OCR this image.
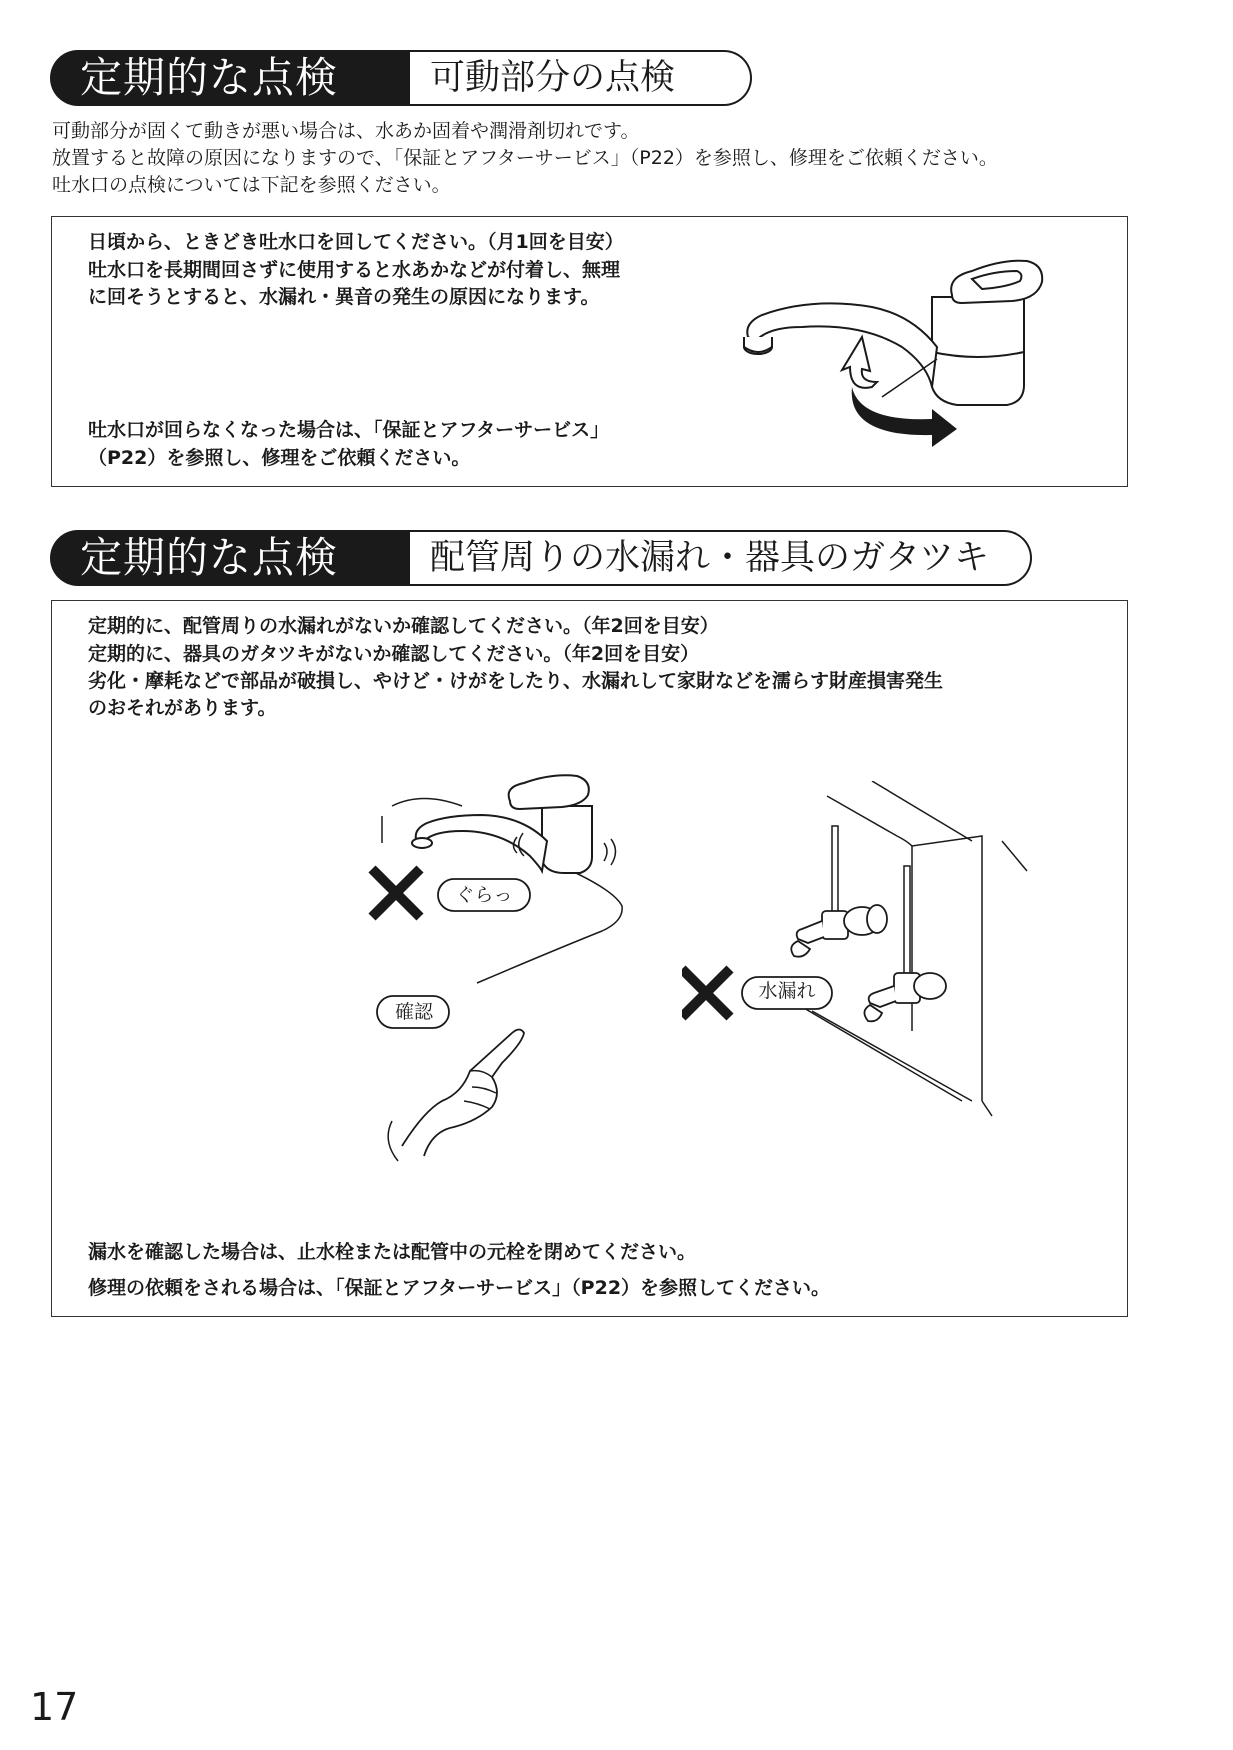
定期的な点検	可動部分の点検
可動部分が固くて動きが悪い場合は、水あか固着や潤滑剤切れです。
放置すると故障の原因になりますので、「保証とアフターサービス」（P22）を参照し、修理をご依頼ください。
吐水口の点検については下記を参照ください。
日頃から、ときどき吐水口を回してください。（月1回を目安）
吐水口を長期間回さずに使用すると水あかなどが付着し、無理
に回そうとすると、水漏れ・異音の発生の原因になります。
吐水口が回らなくなった場合は、「保証とアフターサービス」
（P22）を参照し、修理をご依頼ください。
定期的な点検	配管周りの水漏れ・器具のガタツキ
定期的に、配管周りの水漏れがないか確認してください。（年2回を目安）
定期的に、器具のガタツキがないか確認してください。（年2回を目安）
劣化・摩耗などで部品が破損し、やけど・けがをしたり、水漏れして家財などを濡らす財産損害発生
のおそれがあります。
ぐらっ
確認
水漏れ
漏水を確認した場合は、止水栓または配管中の元栓を閉めてください。
修理の依頼をされる場合は、「保証とアフターサービス」（P22）を参照してください。
17
